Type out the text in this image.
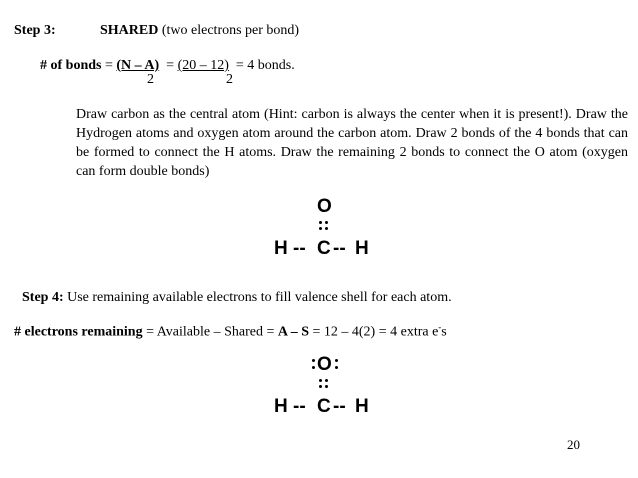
Step 3:	SHARED (two electrons per bond)
# of bonds = (N – A) = (20 – 12) = 4 bonds.
2	2
Draw carbon as the central atom (Hint: carbon is always the center when it is present!). Draw the Hydrogen atoms and oxygen atom around the carbon atom. Draw 2 bonds of the 4 bonds that can be formed to connect the H atoms. Draw the remaining 2 bonds to connect the O atom (oxygen can form double bonds)
O
H -- C -- H
Step 4: Use remaining available electrons to fill valence shell for each atom.
# electrons remaining = Available – Shared = A – S = 12 – 4(2) = 4 extra e-s
O
H -- C -- H
20
